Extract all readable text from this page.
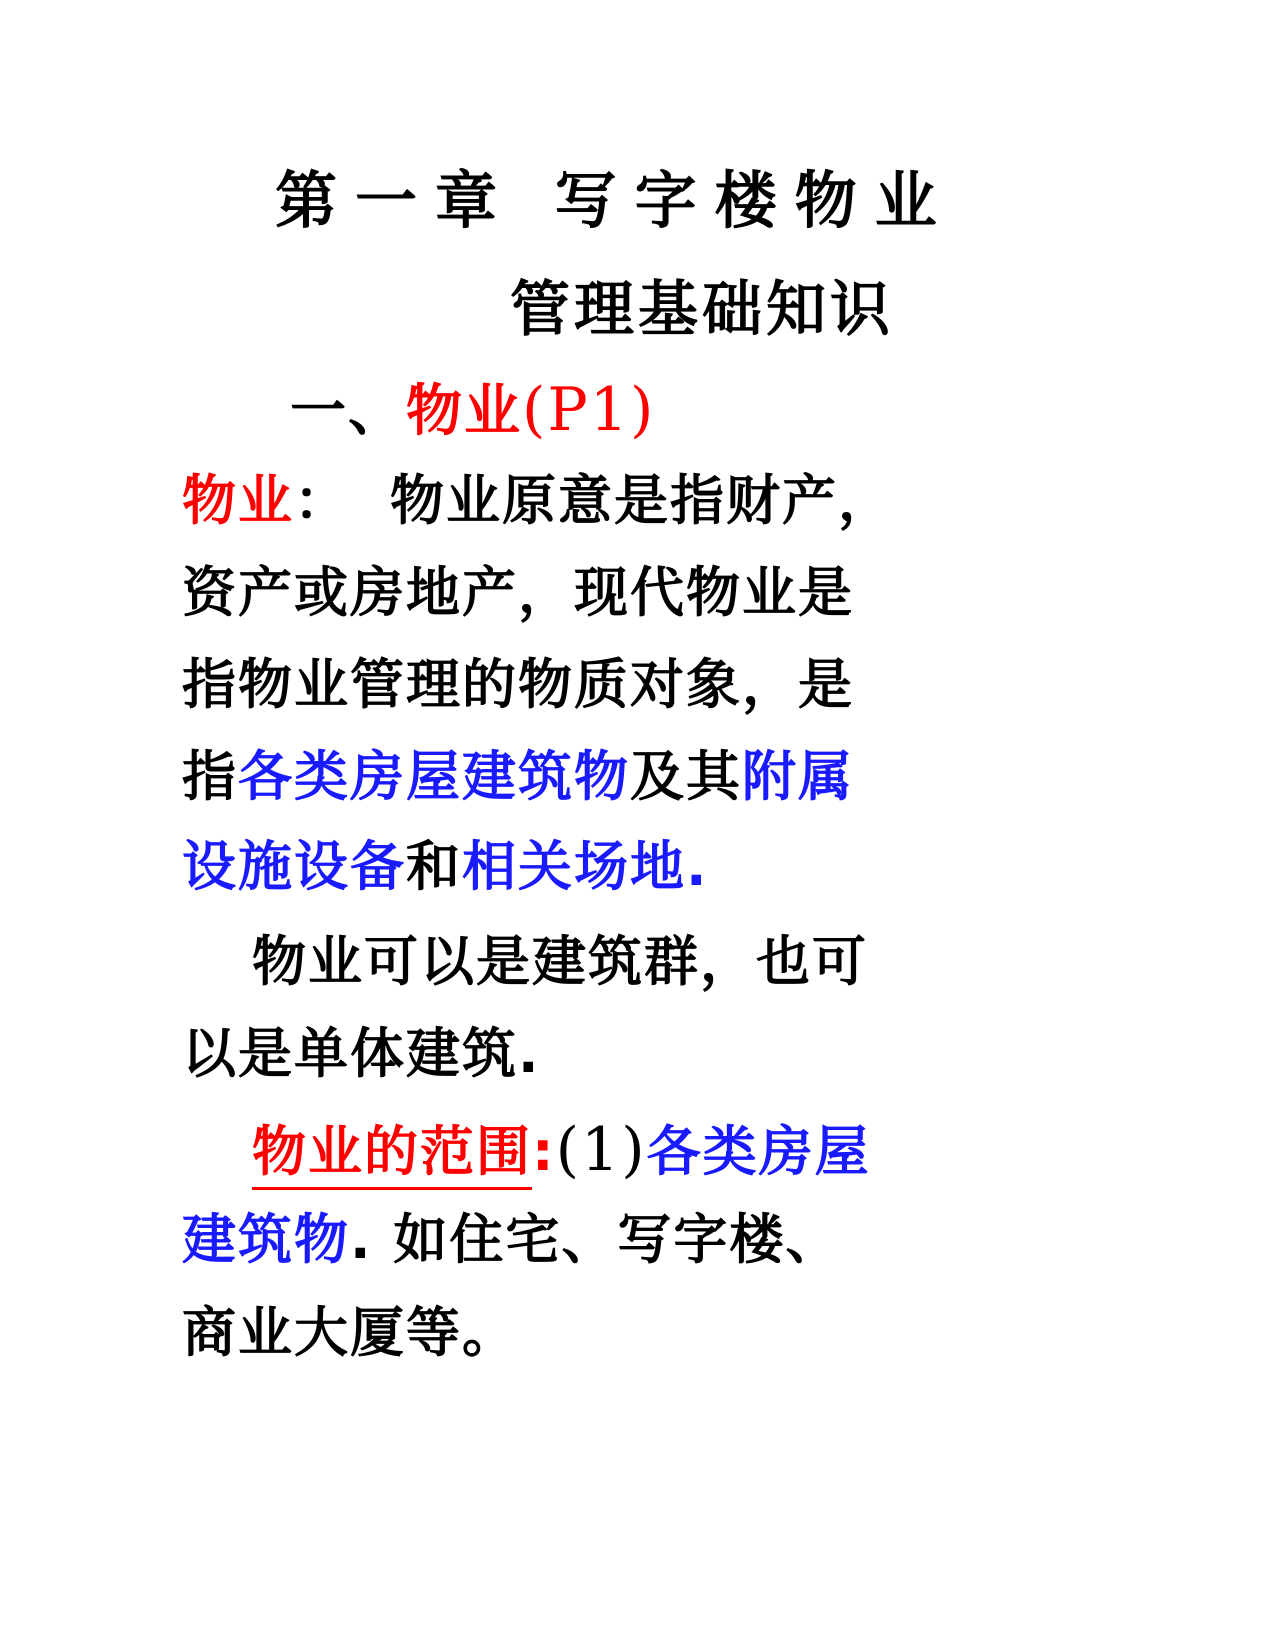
第一章 写字楼物业
管理基础知识
一、物业(P1)
物业： 物业原意是指财产，
资产或房地产，现代物业是
指物业管理的物质对象，是
指各类房屋建筑物及其附属
设施设备和相关场地.
物业可以是建筑群，也可
以是单体建筑.
物业的范围:(1)各类房屋
建筑物. 如住宅、写字楼、
商业大厦等。
